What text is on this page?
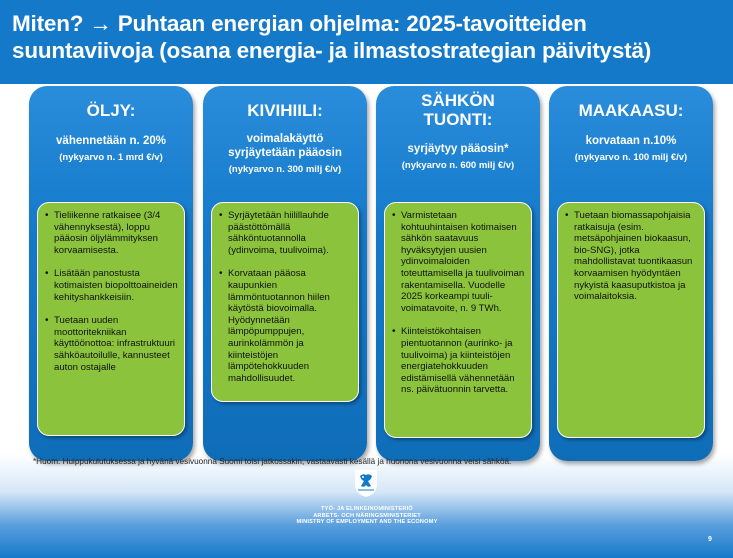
Miten? → Puhtaan energian ohjelma: 2025-tavoitteiden suuntaviivoja (osana energia- ja ilmastostrategian päivitystä)
ÖLJY:
vähennetään n. 20%
(nykyarvo n. 1 mrd €/v)
• Tieliikenne ratkaisee (3/4 vähennyksestä), loppu pääosin öljylämmityksen korvaamisesta.
• Lisätään panostusta kotimaisten biopolttoaineiden kehityshankkeisiin.
• Tuetaan uuden moottoritekniikan käyttöönottoa: infrastruktuuri sähköautoilulle, kannusteet auton ostajalle
KIVIHIILI:
voimalakäyttö syrjäytetään pääosin
(nykyarvo n. 300 milj €/v)
• Syrjäytetään hiilillauhde päästöttömällä sähköntuotannolla (ydinvoima, tuulivoima).
• Korvataan pääosa kaupunkien lämmöntuotannon hiilen käytöstä biovoimalla. Hyödynnetään lämpöpumppujen, aurinkolämmön ja kiinteistöjen lämpötehokkuuden mahdollisuudet.
SÄHKÖN TUONTI:
syrjäytyy pääosin*
(nykyarvo n. 600 milj €/v)
• Varmistetaan kohtuuhintaisen kotimaisen sähkön saatavuus hyväksytyjen uusien ydinvoimaloiden toteuttamisella ja tuulivoiman rakentamisella. Vuodelle 2025 korkeampi tuuli-voimatavoite, n. 9 TWh.
• Kiinteistökohtaisen pientuotannon (aurinko- ja tuulivoima) ja kiinteistöjen energiatehokkuuden edistämisellä vähennetään ns. päivätuonnin tarvetta.
MAAKAASU:
korvataan n.10%
(nykyarvo n. 100 milj €/v)
• Tuetaan biomassapohjaisia ratkaisuja (esim. metsäpohjainen biokaasun, bio-SNG), jotka mahdollistavat tuontikaasun korvaamisen hyödyntäen nykyistä kaasuputkistoa ja voimalaitoksia.
*Huom. Huippukulutuksessa ja hyvänä vesivuonna Suomi toisi jatkossakin, vastaavasti kesällä ja huonona vesivuonna veisi sähköä.
TYÖ- JA ELINKEINOMINISTERIÖ
ARBETS- OCH NÄRINGSMINISTERIET
MINISTRY OF EMPLOYMENT AND THE ECONOMY
9
